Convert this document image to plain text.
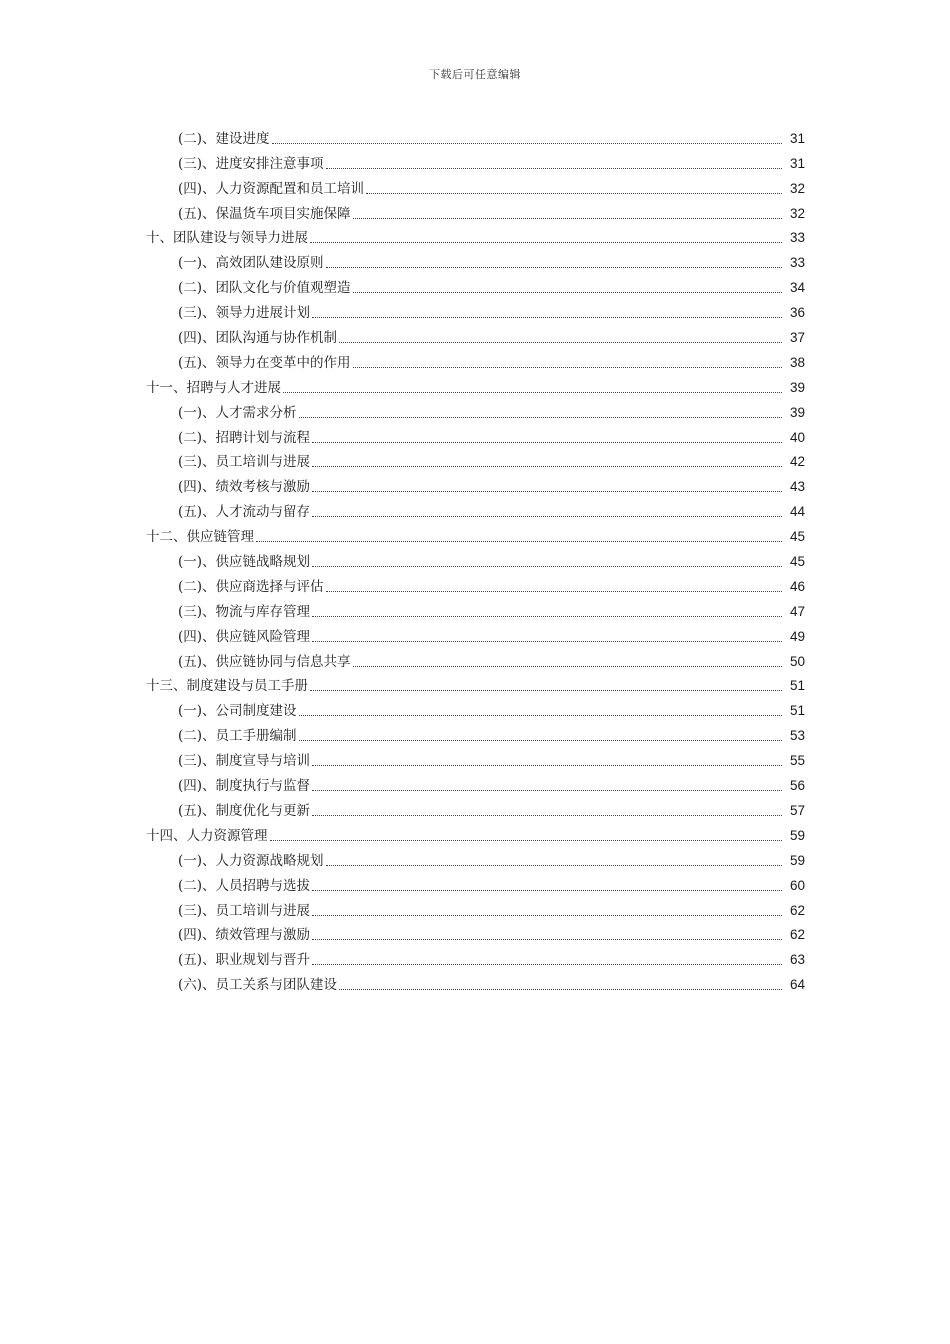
下载后可任意编辑
(二)、建设进度	31
(三)、进度安排注意事项	31
(四)、人力资源配置和员工培训	32
(五)、保温货车项目实施保障	32
十、团队建设与领导力进展	33
(一)、高效团队建设原则	33
(二)、团队文化与价值观塑造	34
(三)、领导力进展计划	36
(四)、团队沟通与协作机制	37
(五)、领导力在变革中的作用	38
十一、招聘与人才进展	39
(一)、人才需求分析	39
(二)、招聘计划与流程	40
(三)、员工培训与进展	42
(四)、绩效考核与激励	43
(五)、人才流动与留存	44
十二、供应链管理	45
(一)、供应链战略规划	45
(二)、供应商选择与评估	46
(三)、物流与库存管理	47
(四)、供应链风险管理	49
(五)、供应链协同与信息共享	50
十三、制度建设与员工手册	51
(一)、公司制度建设	51
(二)、员工手册编制	53
(三)、制度宣导与培训	55
(四)、制度执行与监督	56
(五)、制度优化与更新	57
十四、人力资源管理	59
(一)、人力资源战略规划	59
(二)、人员招聘与选拔	60
(三)、员工培训与进展	62
(四)、绩效管理与激励	62
(五)、职业规划与晋升	63
(六)、员工关系与团队建设	64
